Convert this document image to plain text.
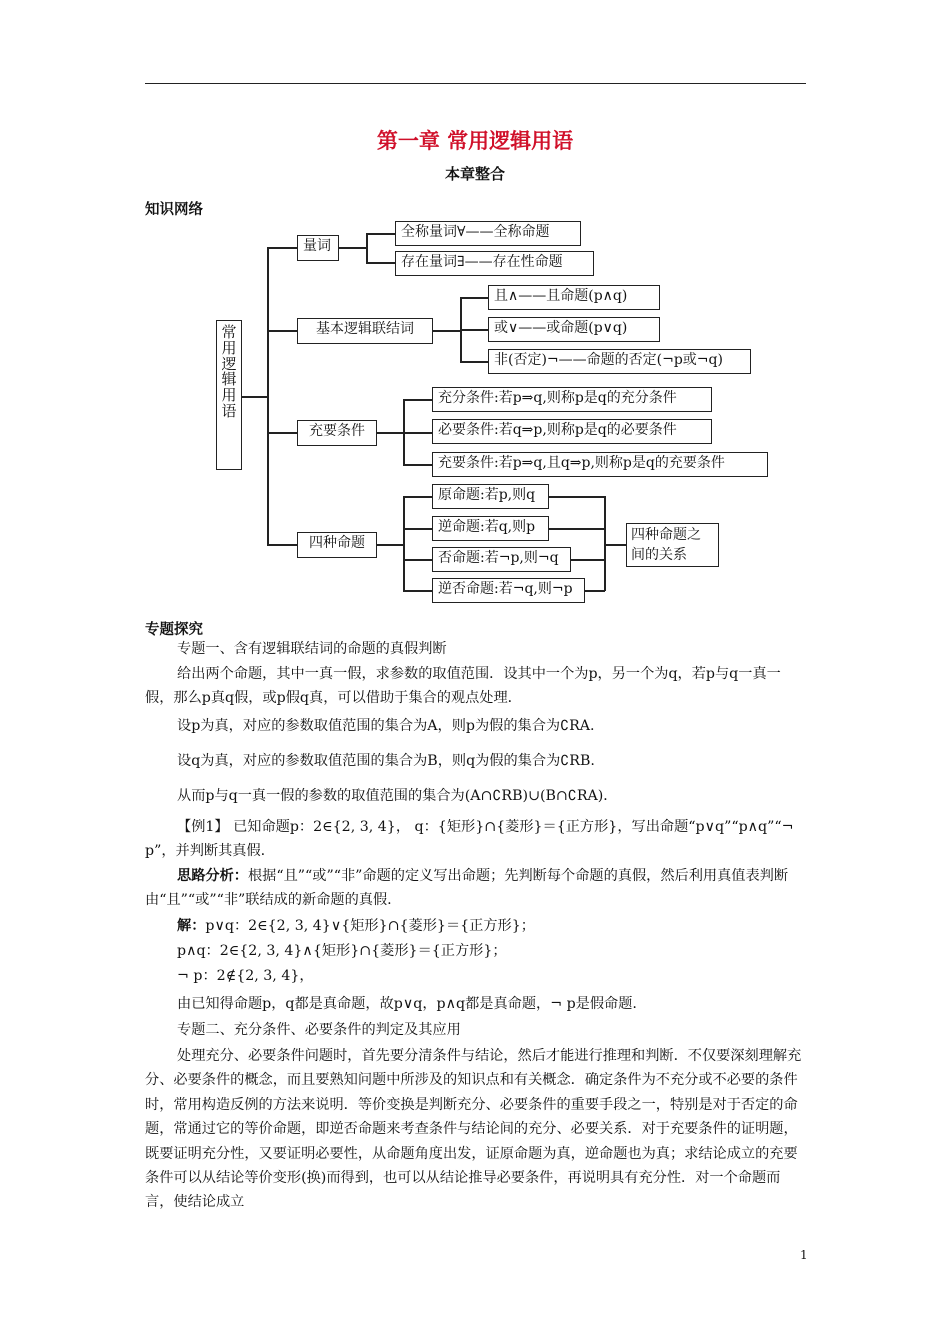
第一章 常用逻辑用语
本章整合
知识网络
常用逻辑用语
量词
全称量词∀——全称命题
存在量词∃——存在性命题
基本逻辑联结词
且∧——且命题(p∧q)
或∨——或命题(p∨q)
非(否定)¬——命题的否定(¬p或¬q)
充要条件
充分条件:若p⇒q,则称p是q的充分条件
必要条件:若q⇒p,则称p是q的必要条件
充要条件:若p⇒q,且q⇒p,则称p是q的充要条件
四种命题
原命题:若p,则q
逆命题:若q,则p
否命题:若¬p,则¬q
逆否命题:若¬q,则¬p
四种命题之间的关系
专题探究
专题一、含有逻辑联结词的命题的真假判断
给出两个命题，其中一真一假，求参数的取值范围．设其中一个为p，另一个为q，若p与q一真一假，那么p真q假，或p假q真，可以借助于集合的观点处理．
设p为真，对应的参数取值范围的集合为A，则p为假的集合为∁RA.
设q为真，对应的参数取值范围的集合为B，则q为假的集合为∁RB.
从而p与q一真一假的参数的取值范围的集合为(A∩∁RB)∪(B∩∁RA)．
【例1】 已知命题p：2∈{2, 3, 4}， q：{矩形}∩{菱形}＝{正方形}，写出命题“p∨q”“p∧q”“¬ p”，并判断其真假.
思路分析：根据“且”“或”“非”命题的定义写出命题；先判断每个命题的真假，然后利用真值表判断由“且”“或”“非”联结成的新命题的真假.
解：p∨q：2∈{2, 3, 4}∨{矩形}∩{菱形}＝{正方形}；
p∧q：2∈{2, 3, 4}∧{矩形}∩{菱形}＝{正方形}；
¬ p：2∉{2, 3, 4}，
由已知得命题p，q都是真命题，故p∨q，p∧q都是真命题，¬ p是假命题.
专题二、充分条件、必要条件的判定及其应用
处理充分、必要条件问题时，首先要分清条件与结论，然后才能进行推理和判断．不仅要深刻理解充分、必要条件的概念，而且要熟知问题中所涉及的知识点和有关概念．确定条件为不充分或不必要的条件时，常用构造反例的方法来说明．等价变换是判断充分、必要条件的重要手段之一，特别是对于否定的命题，常通过它的等价命题，即逆否命题来考查条件与结论间的充分、必要关系．对于充要条件的证明题，既要证明充分性，又要证明必要性，从命题角度出发，证原命题为真，逆命题也为真；求结论成立的充要条件可以从结论等价变形(换)而得到，也可以从结论推导必要条件，再说明具有充分性．对一个命题而言，使结论成立
1
